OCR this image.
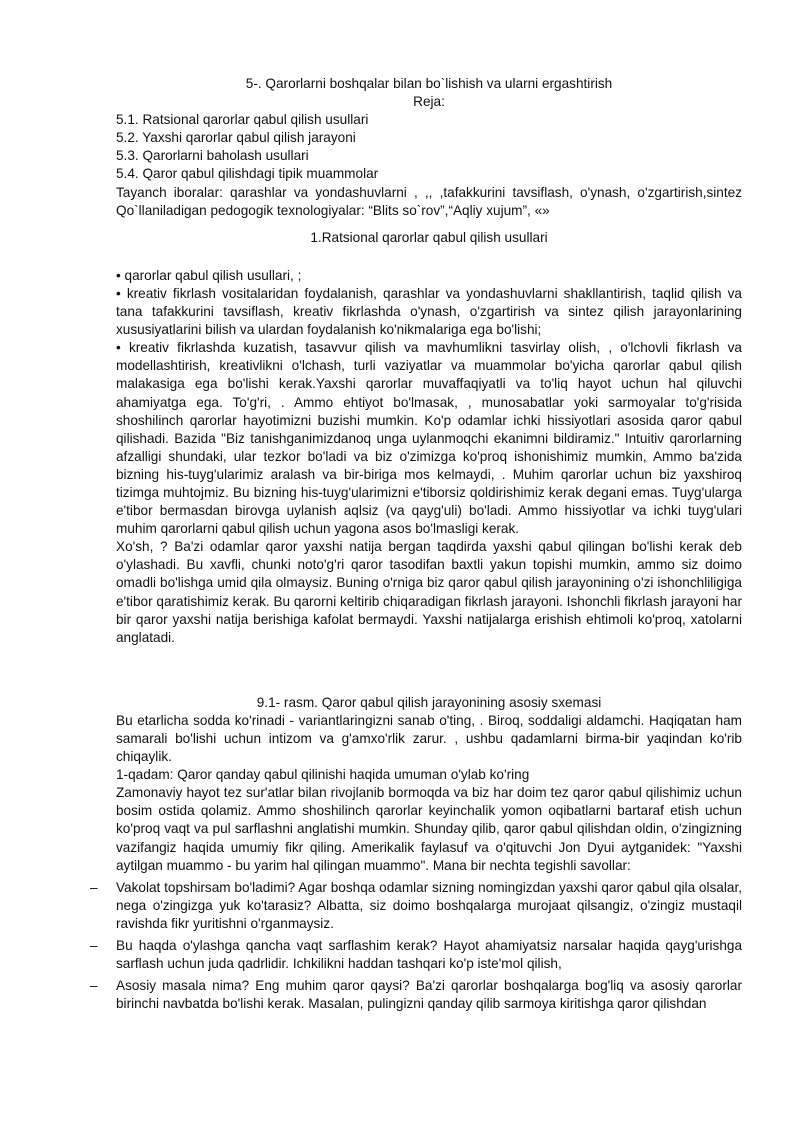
5-. Qarorlarni boshqalar bilan bo`lishish va ularni ergashtirish
Reja:
5.1. Ratsional qarorlar qabul qilish usullari
5.2. Yaxshi qarorlar qabul qilish jarayoni
5.3. Qarorlarni baholash usullari
5.4. Qaror qabul qilishdagi tipik muammolar
Tayanch iboralar: qarashlar va yondashuvlarni , ,, ,tafakkurini tavsiflash, o'ynash, o'zgartirish,sintez
Qo`llaniladigan pedogogik texnologiyalar: “Blits so`rov”,“Aqliy xujum”, «»
1.Ratsional qarorlar qabul qilish usullari
• qarorlar qabul qilish usullari, ;
• kreativ fikrlash vositalaridan foydalanish, qarashlar va yondashuvlarni shakllantirish, taqlid qilish va tana tafakkurini tavsiflash, kreativ fikrlashda o'ynash, o'zgartirish va sintez qilish jarayonlarining xususiyatlarini bilish va ulardan foydalanish ko'nikmalariga ega bo'lishi;
• kreativ fikrlashda kuzatish, tasavvur qilish va mavhumlikni tasvirlay olish, , o'lchovli fikrlash va modellashtirish, kreativlikni o'lchash, turli vaziyatlar va muammolar bo'yicha qarorlar qabul qilish malakasiga ega bo'lishi kerak.Yaxshi qarorlar muvaffaqiyatli va to'liq hayot uchun hal qiluvchi ahamiyatga ega. To'g'ri, . Ammo ehtiyot bo'lmasak, , munosabatlar yoki sarmoyalar to'g'risida shoshilinch qarorlar hayotimizni buzishi mumkin. Ko'p odamlar ichki hissiyotlari asosida qaror qabul qilishadi. Bazida "Biz tanishganimizdanoq unga uylanmoqchi ekanimni bildiramiz." Intuitiv qarorlarning afzalligi shundaki, ular tezkor bo'ladi va biz o'zimizga ko'proq ishonishimiz mumkin, Ammo ba'zida bizning his-tuyg'ularimiz aralash va bir-biriga mos kelmaydi, . Muhim qarorlar uchun biz yaxshiroq tizimga muhtojmiz. Bu bizning his-tuyg'ularimizni e'tiborsiz qoldirishimiz kerak degani emas. Tuyg'ularga e'tibor bermasdan birovga uylanish aqlsiz (va qayg'uli) bo'ladi. Ammo hissiyotlar va ichki tuyg'ulari muhim qarorlarni qabul qilish uchun yagona asos bo'lmasligi kerak.
Xo'sh, ? Ba'zi odamlar qaror yaxshi natija bergan taqdirda yaxshi qabul qilingan bo'lishi kerak deb o'ylashadi. Bu xavfli, chunki noto'g'ri qaror tasodifan baxtli yakun topishi mumkin, ammo siz doimo omadli bo'lishga umid qila olmaysiz. Buning o'rniga biz qaror qabul qilish jarayonining o'zi ishonchliligiga e'tibor qaratishimiz kerak. Bu qarorni keltirib chiqaradigan fikrlash jarayoni. Ishonchli fikrlash jarayoni har bir qaror yaxshi natija berishiga kafolat bermaydi. Yaxshi natijalarga erishish ehtimoli ko'proq, xatolarni anglatadi.
9.1- rasm. Qaror qabul qilish jarayonining asosiy sxemasi
Bu etarlicha sodda ko'rinadi - variantlaringizni sanab o'ting, . Biroq, soddaligi aldamchi. Haqiqatan ham samarali bo'lishi uchun intizom va g'amxo'rlik zarur. , ushbu qadamlarni birma-bir yaqindan ko'rib chiqaylik.
1-qadam: Qaror qanday qabul qilinishi haqida umuman o'ylab ko'ring
Zamonaviy hayot tez sur'atlar bilan rivojlanib bormoqda va biz har doim tez qaror qabul qilishimiz uchun bosim ostida qolamiz. Ammo shoshilinch qarorlar keyinchalik yomon oqibatlarni bartaraf etish uchun ko'proq vaqt va pul sarflashni anglatishi mumkin. Shunday qilib, qaror qabul qilishdan oldin, o'zingizning vazifangiz haqida umumiy fikr qiling. Amerikalik faylasuf va o'qituvchi Jon Dyui aytganidek: "Yaxshi aytilgan muammo - bu yarim hal qilingan muammo". Mana bir nechta tegishli savollar:
–	Vakolat topshirsam bo'ladimi? Agar boshqa odamlar sizning nomingizdan yaxshi qaror qabul qila olsalar, nega o'zingizga yuk ko'tarasiz? Albatta, siz doimo boshqalarga murojaat qilsangiz, o'zingiz mustaqil ravishda fikr yuritishni o'rganmaysiz.
–	Bu haqda o'ylashga qancha vaqt sarflashim kerak? Hayot ahamiyatsiz narsalar haqida qayg'urishga sarflash uchun juda qadrlidir. Ichkilikni haddan tashqari ko'p iste'mol qilish,
–	Asosiy masala nima? Eng muhim qaror qaysi? Ba'zi qarorlar boshqalarga bog'liq va asosiy qarorlar birinchi navbatda bo'lishi kerak. Masalan, pulingizni qanday qilib sarmoya kiritishga qaror qilishdan
